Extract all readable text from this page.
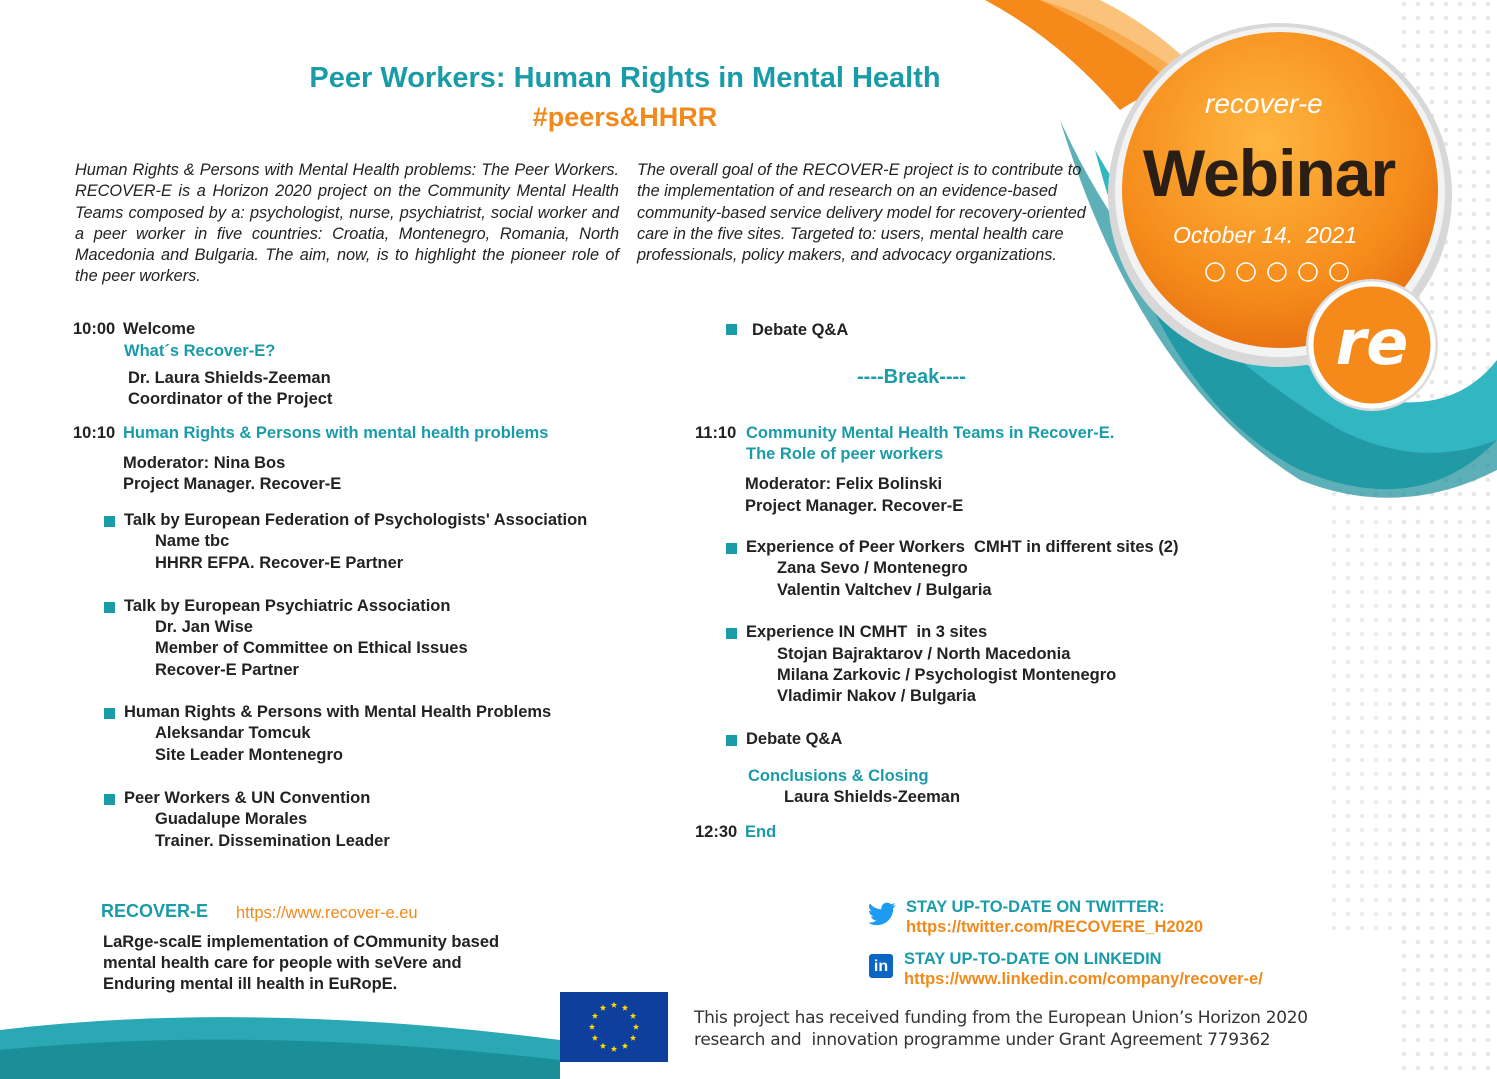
Peer Workers: Human Rights in Mental Health
#peers&HHRR
Human Rights & Persons with Mental Health problems: The Peer Workers. RECOVER-E is a Horizon 2020 project on the Community Mental Health Teams composed by a: psychologist, nurse, psychiatrist, social worker and a peer worker in five countries: Croatia, Montenegro, Romania, North Macedonia and Bulgaria. The aim, now, is to highlight the pioneer role of the peer workers.
The overall goal of the RECOVER-E project is to contribute to the implementation of and research on an evidence-based community-based service delivery model for recovery-oriented care in the five sites. Targeted to: users, mental health care professionals, policy makers, and advocacy organizations.
recover-e
Webinar
October 14.  2021
re
10:00 Welcome
What´s Recover-E?
Dr. Laura Shields-Zeeman
Coordinator of the Project
10:10 Human Rights & Persons with mental health problems
Moderator: Nina Bos
Project Manager. Recover-E
Talk by European Federation of Psychologists' Association
Name tbc
HHRR EFPA. Recover-E Partner
Talk by European Psychiatric Association
Dr. Jan Wise
Member of Committee on Ethical Issues
Recover-E Partner
Human Rights & Persons with Mental Health Problems
Aleksandar Tomcuk
Site Leader Montenegro
Peer Workers & UN Convention
Guadalupe Morales
Trainer. Dissemination Leader
Debate Q&A
----Break----
11:10 Community Mental Health Teams in Recover-E.
The Role of peer workers
Moderator: Felix Bolinski
Project Manager. Recover-E
Experience of Peer Workers  CMHT in different sites (2)
Zana Sevo / Montenegro
Valentin Valtchev / Bulgaria
Experience IN CMHT  in 3 sites
Stojan Bajraktarov / North Macedonia
Milana Zarkovic / Psychologist Montenegro
Vladimir Nakov / Bulgaria
Debate Q&A
Conclusions & Closing
Laura Shields-Zeeman
12:30 End
RECOVER-E https://www.recover-e.eu
LaRge-scalE implementation of COmmunity based
mental health care for people with seVere and
Enduring mental ill health in EuRopE.
STAY UP-TO-DATE ON TWITTER:
https://twitter.com/RECOVERE_H2020
in STAY UP-TO-DATE ON LINKEDIN
https://www.linkedin.com/company/recover-e/
This project has received funding from the European Union’s Horizon 2020
research and  innovation programme under Grant Agreement 779362
